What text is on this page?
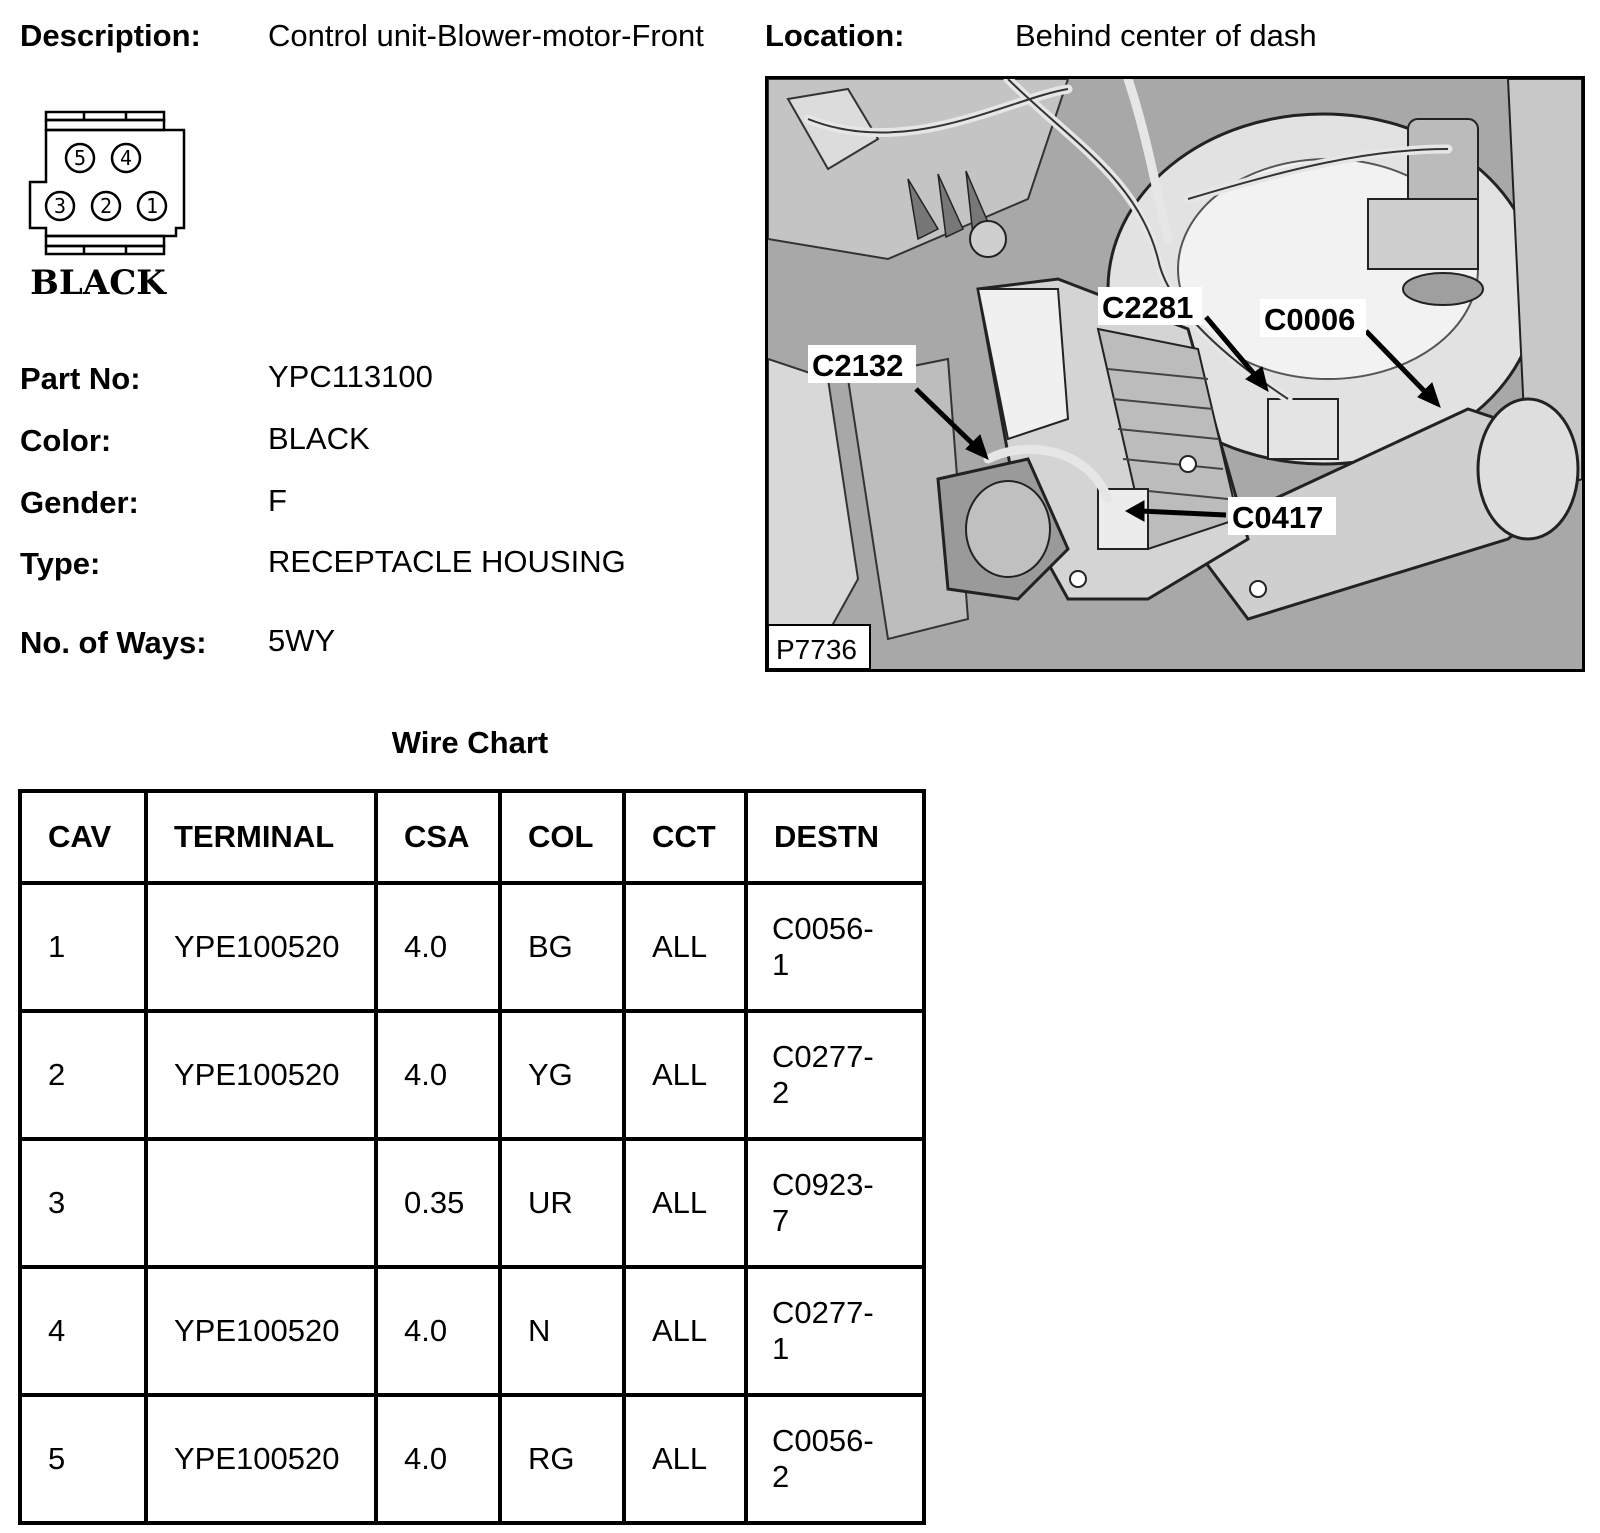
Description: Control unit-Blower-motor-Front Location:	Behind center of dash
5 4
3 2 1
BLACK
Part No:	YPC113100
Color:	BLACK
Gender:	F
Type:	RECEPTACLE HOUSING
No. of Ways: 5WY
C2281 C0006
C2132
C0417
P7736
Wire Chart
CAV	TERMINAL	CSA	COL	CCT	DESTN
1	YPE100520	4.0	BG	ALL	C0056-
1

2	YPE100520	4.0	YG	ALL	C0277-
2

3		0.35	UR	ALL	C0923-
7

4	YPE100520	4.0	N	ALL	C0277-
1

5	YPE100520	4.0	RG	ALL	C0056-
2
